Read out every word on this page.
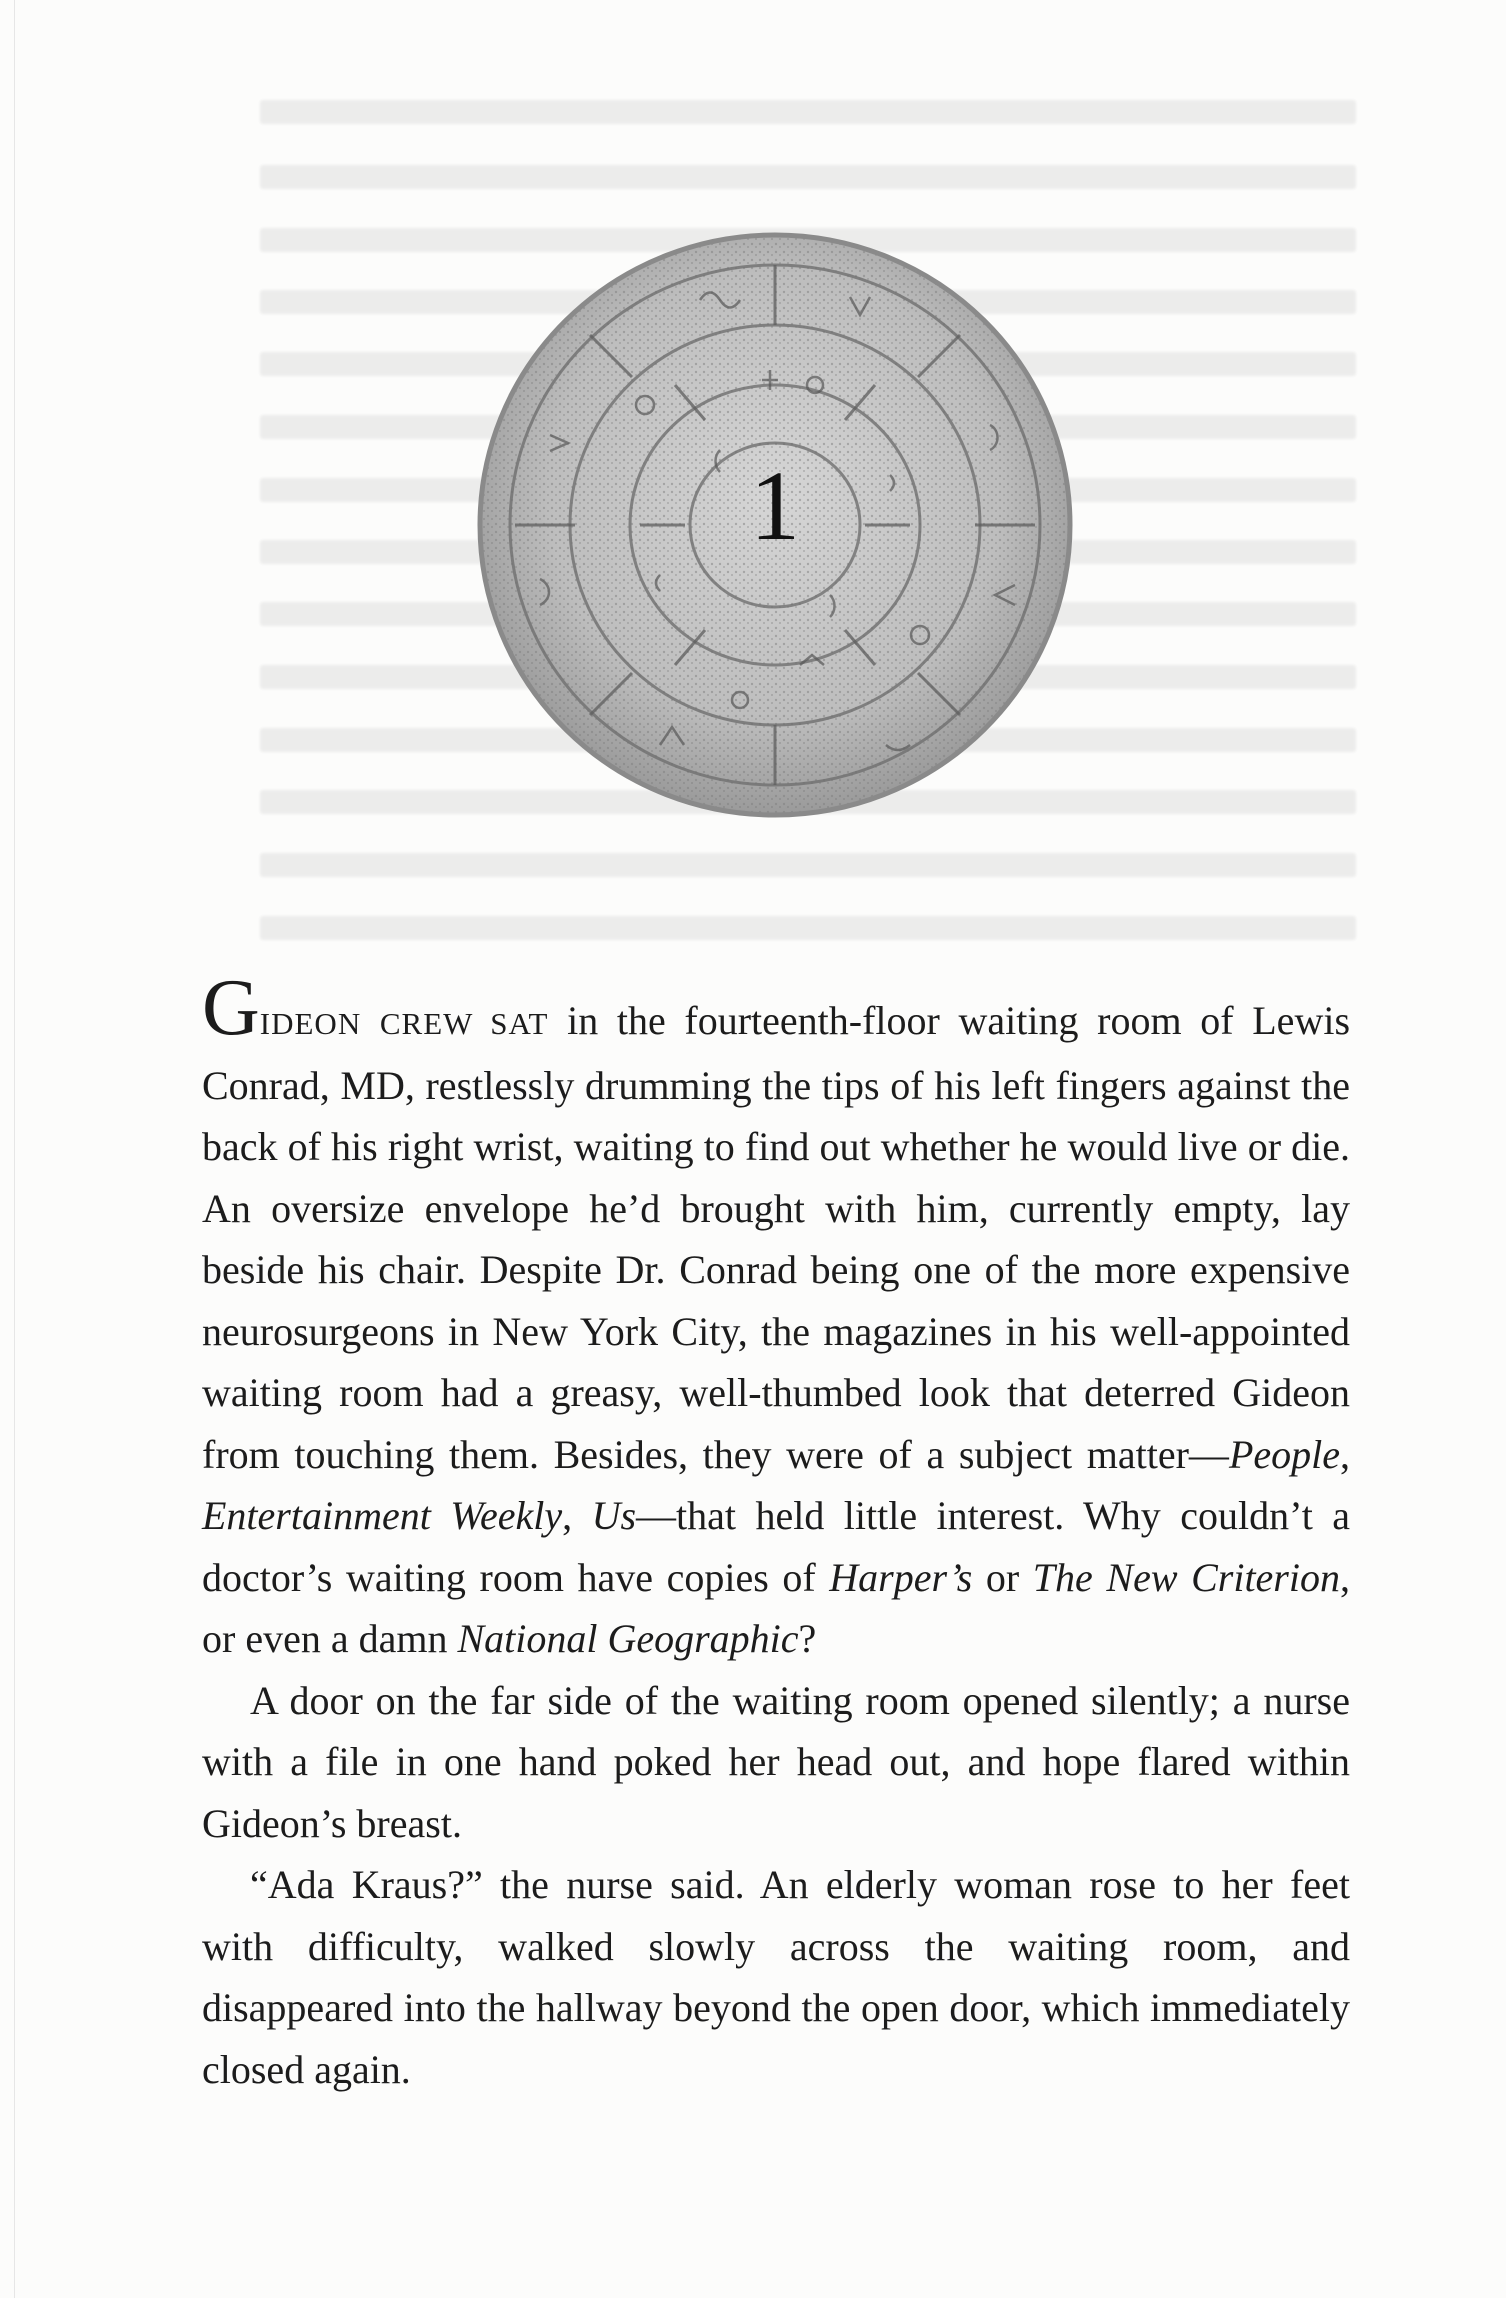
1

GIDEON CREW SAT in the fourteenth-floor waiting room of Lewis Conrad, MD, restlessly drumming the tips of his left fingers against the back of his right wrist, waiting to find out whether he would live or die. An oversize envelope he’d brought with him, currently empty, lay beside his chair. Despite Dr. Conrad being one of the more expensive neurosurgeons in New York City, the magazines in his well-appointed waiting room had a greasy, well-thumbed look that deterred Gideon from touching them. Besides, they were of a subject matter—People, Entertainment Weekly, Us—that held little interest. Why couldn’t a doctor’s waiting room have copies of Harper’s or The New Criterion, or even a damn National Geographic?

A door on the far side of the waiting room opened silently; a nurse with a file in one hand poked her head out, and hope flared within Gideon’s breast.

“Ada Kraus?” the nurse said. An elderly woman rose to her feet with difficulty, walked slowly across the waiting room, and disappeared into the hallway beyond the open door, which immediately closed again.
